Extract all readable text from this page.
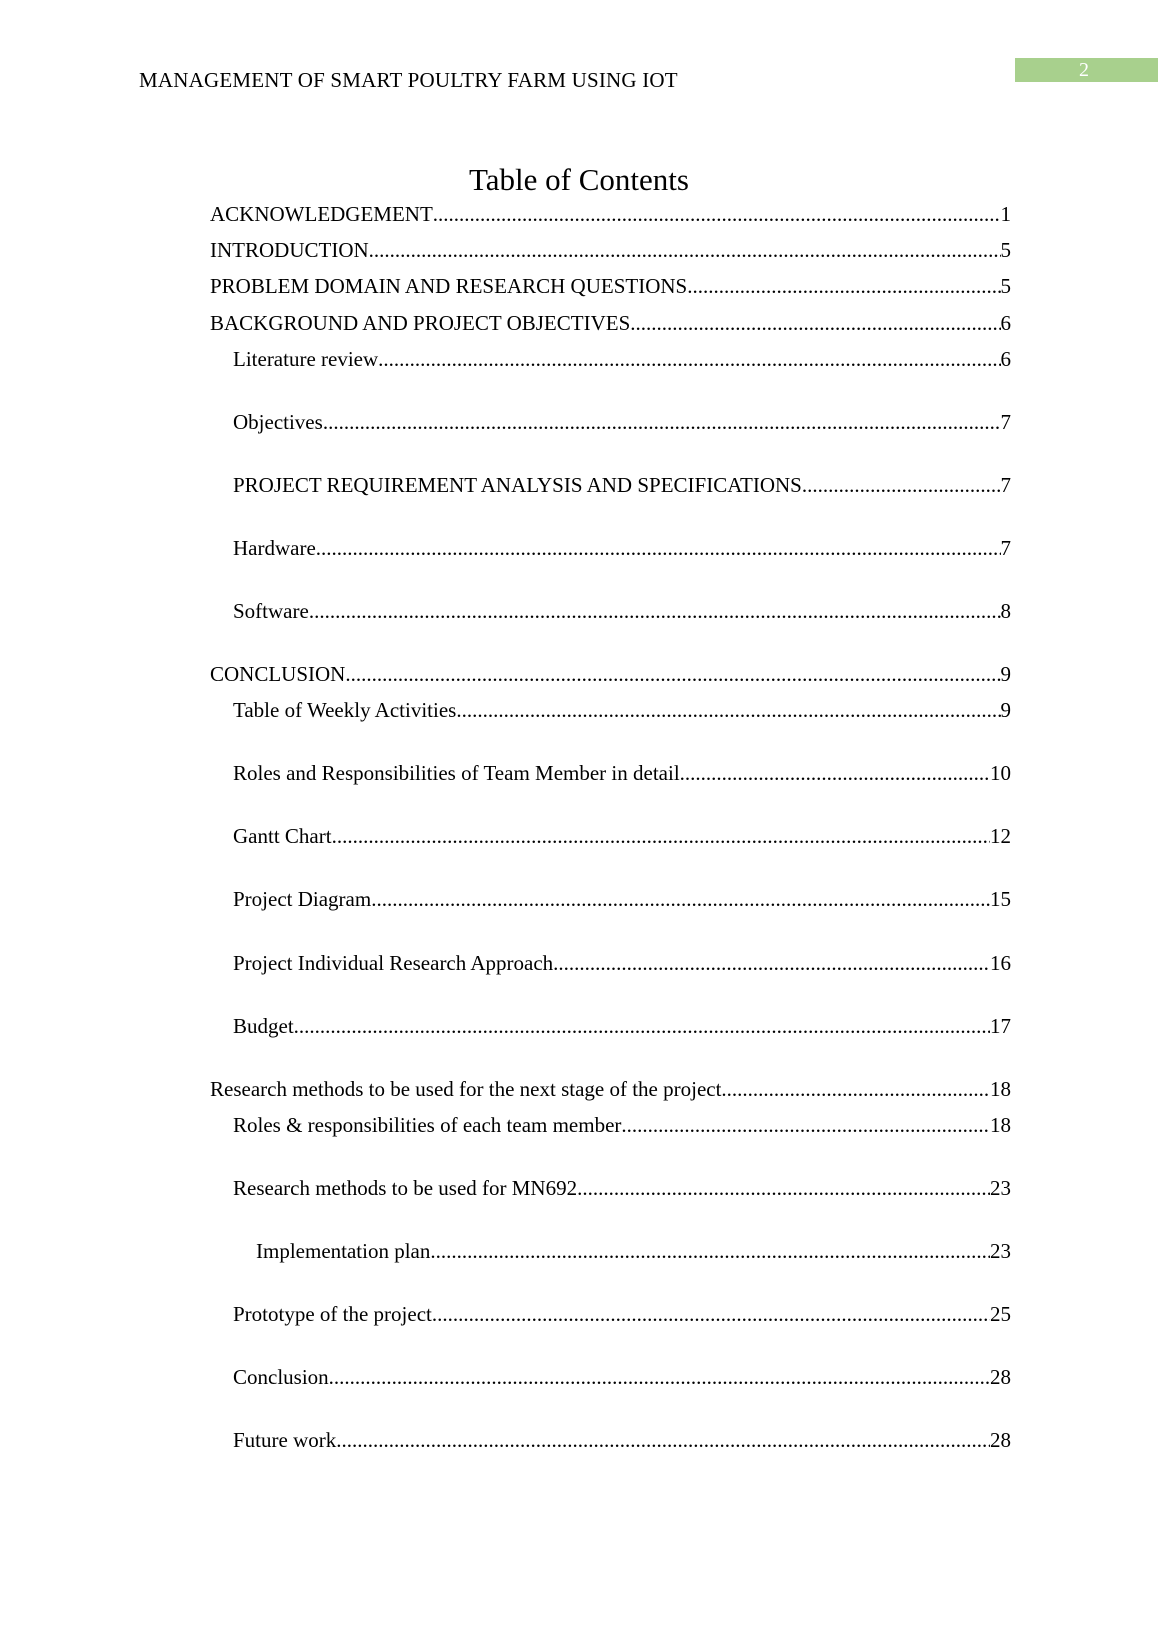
MANAGEMENT OF SMART POULTRY FARM USING IOT	2
Table of Contents
ACKNOWLEDGEMENT .....	1
INTRODUCTION .....	5
PROBLEM DOMAIN AND RESEARCH QUESTIONS .....	5
BACKGROUND AND PROJECT OBJECTIVES .....	6
Literature review .....	6
Objectives .....	7
PROJECT REQUIREMENT ANALYSIS AND SPECIFICATIONS .....	7
Hardware .....	7
Software .....	8
CONCLUSION .....	9
Table of Weekly Activities .....	9
Roles and Responsibilities of Team Member in detail .....	10
Gantt Chart .....	12
Project Diagram .....	15
Project Individual Research Approach .....	16
Budget .....	17
Research methods to be used for the next stage of the project .....	18
Roles & responsibilities of each team member .....	18
Research methods to be used for MN692 .....	23
Implementation plan .....	23
Prototype of the project .....	25
Conclusion .....	28
Future work .....	28
